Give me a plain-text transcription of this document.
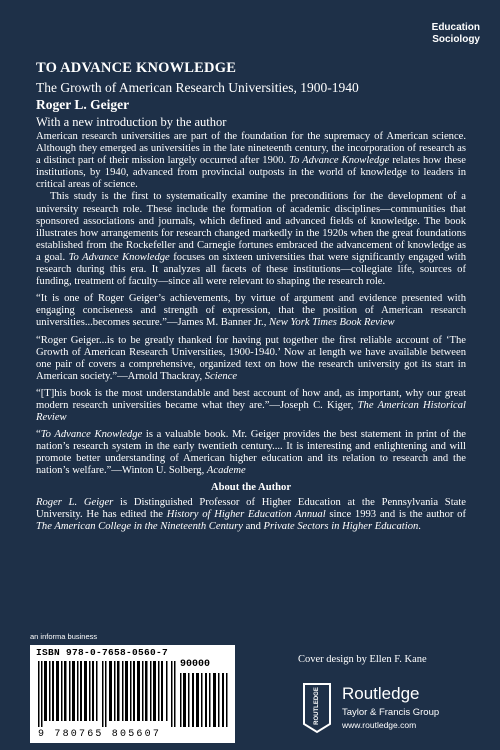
Education
Sociology
TO ADVANCE KNOWLEDGE
The Growth of American Research Universities, 1900-1940
Roger L. Geiger
With a new introduction by the author

American research universities are part of the foundation for the supremacy of American science. Although they emerged as universities in the late nineteenth century, the incorporation of research as a distinct part of their mission largely occurred after 1900. To Advance Knowledge relates how these institutions, by 1940, advanced from provincial outposts in the world of knowledge to leaders in critical areas of science.

This study is the first to systematically examine the preconditions for the development of a university research role. These include the formation of academic disciplines—communities that sponsored associations and journals, which defined and advanced fields of knowledge. The book illustrates how arrangements for research changed markedly in the 1920s when the great foundations established from the Rockefeller and Carnegie fortunes embraced the advancement of knowledge as a goal. To Advance Knowledge focuses on sixteen universities that were significantly engaged with research during this era. It analyzes all facets of these institutions—collegiate life, sources of funding, treatment of faculty—since all were relevant to shaping the research role.

“It is one of Roger Geiger’s achievements, by virtue of argument and evidence presented with engaging conciseness and strength of expression, that the position of American research universities...becomes secure.”—James M. Banner Jr., New York Times Book Review

“Roger Geiger...is to be greatly thanked for having put together the first reliable account of ‘The Growth of American Research Universities, 1900-1940.’ Now at length we have available between one pair of covers a comprehensive, organized text on how the research university got its start in American society.”—Arnold Thackray, Science

“[T]his book is the most understandable and best account of how and, as important, why our great modern research universities became what they are.”—Joseph C. Kiger, The American Historical Review

“To Advance Knowledge is a valuable book. Mr. Geiger provides the best statement in print of the nation’s research system in the early twentieth century.... It is interesting and enlightening and will promote better understanding of American higher education and its relation to research and the nation’s welfare.”—Winton U. Solberg, Academe

About the Author

Roger L. Geiger is Distinguished Professor of Higher Education at the Pennsylvania State University. He has edited the History of Higher Education Annual since 1993 and is the author of The American College in the Nineteenth Century and Private Sectors in Higher Education.

an informa business
ISBN 978-0-7658-0560-7
90000
9 780765 805607
Cover design by Ellen F. Kane
ROUTLEDGE Routledge
Taylor & Francis Group
www.routledge.com
